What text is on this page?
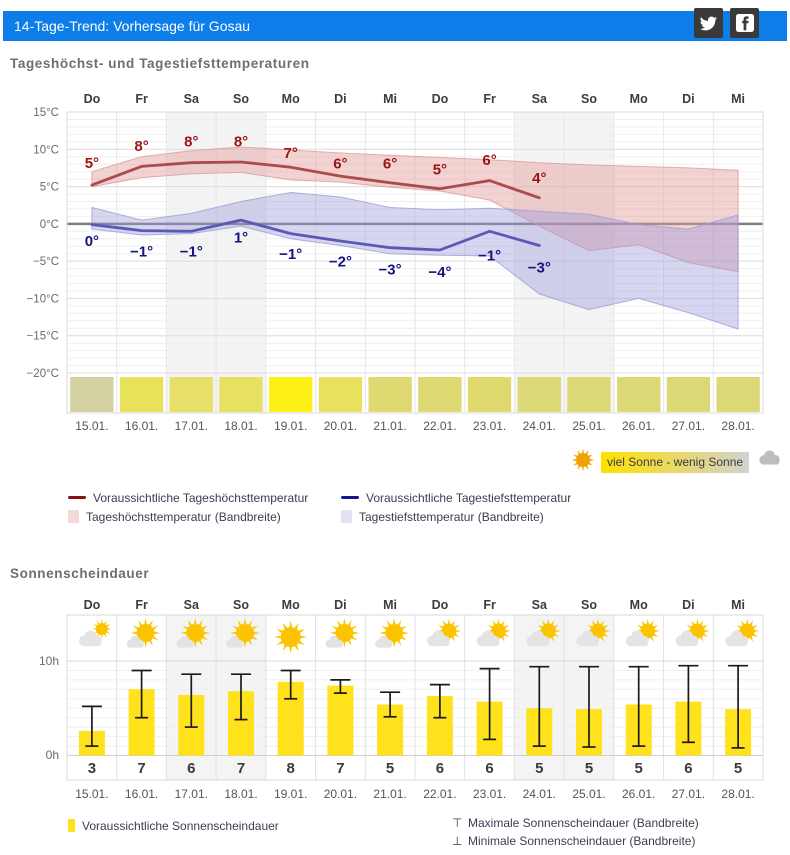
14-Tage-Trend: Vorhersage für Gosau
Tageshöchst- und Tagestiefsttemperaturen
5°
8° 8° 8°
7°
6° 6° 5°
6°
4°
0°
−1° −1°
1°
−1° −2° −3° −4°
−1°
−3°
Do	Fr	Sa	So	Mo	Di	Mi	Do	Fr	Sa	So	Mo	Di	Mi
15°C
10°C
5°C
0°C
−5°C
−10°C
−15°C
−20°C
15.01. 16.01. 17.01. 18.01. 19.01. 20.01. 21.01. 22.01. 23.01. 24.01. 25.01. 26.01. 27.01. 28.01.
viel Sonne - wenig Sonne
Voraussichtliche Tageshöchsttemperatur	Voraussichtliche Tagestiefsttemperatur
Tageshöchsttemperatur (Bandbreite)	Tagestiefsttemperatur (Bandbreite)
Sonnenscheindauer
3	7	6	7	8	7	5	6	6	5	5	5	6	5
Do	Fr	Sa	So	Mo	Di	Mi	Do	Fr	Sa	So	Mo	Di	Mi
10h
0h
15.01. 16.01. 17.01. 18.01. 19.01. 20.01. 21.01. 22.01. 23.01. 24.01. 25.01. 26.01. 27.01. 28.01.
Voraussichtliche Sonnenscheindauer	⊤ Maximale Sonnenscheindauer (Bandbreite)
⊥ Minimale Sonnenscheindauer (Bandbreite)
